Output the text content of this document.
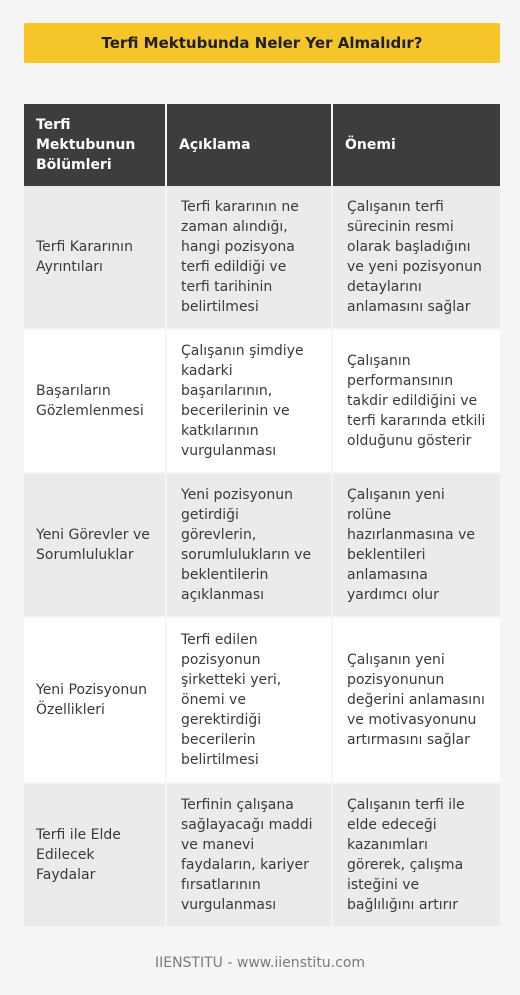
Terfi Mektubunda Neler Yer Almalıdır?
Terfi Mektubunun Bölümleri	Açıklama	Önemi
Terfi Kararının Ayrıntıları	Terfi kararının ne zaman alındığı, hangi pozisyona terfi edildiği ve terfi tarihinin belirtilmesi	Çalışanın terfi sürecinin resmi olarak başladığını ve yeni pozisyonun detaylarını anlamasını sağlar
Başarıların Gözlemlenmesi	Çalışanın şimdiye kadarki başarılarının, becerilerinin ve katkılarının vurgulanması	Çalışanın performansının takdir edildiğini ve terfi kararında etkili olduğunu gösterir
Yeni Görevler ve Sorumluluklar	Yeni pozisyonun getirdiği görevlerin, sorumlulukların ve beklentilerin açıklanması	Çalışanın yeni rolüne hazırlanmasına ve beklentileri anlamasına yardımcı olur
Yeni Pozisyonun Özellikleri	Terfi edilen pozisyonun şirketteki yeri, önemi ve gerektirdiği becerilerin belirtilmesi	Çalışanın yeni pozisyonunun değerini anlamasını ve motivasyonunu artırmasını sağlar
Terfi ile Elde Edilecek Faydalar	Terfinin çalışana sağlayacağı maddi ve manevi faydaların, kariyer fırsatlarının vurgulanması	Çalışanın terfi ile elde edeceği kazanımları görerek, çalışma isteğini ve bağlılığını artırır
IIENSTITU - www.iienstitu.com
